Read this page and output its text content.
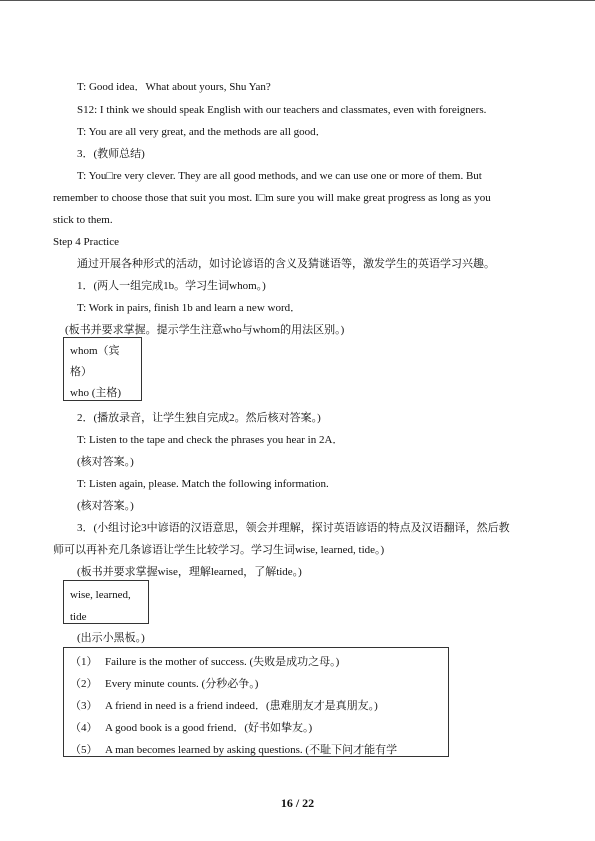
T: Good idea．What about yours, Shu Yan?
S12: I think we should speak English with our teachers and classmates, even with foreigners.
T: You are all very great, and the methods are all good．
3．(教师总结)
T: You□re very clever. They are all good methods, and we can use one or more of them. But
remember to choose those that suit you most. I□m sure you will make great progress as long as you
stick to them.
Step 4 Practice
通过开展各种形式的活动，如讨论谚语的含义及猜谜语等，激发学生的英语学习兴趣。
1．(两人一组完成1b。学习生词whom。)
T: Work in pairs, finish 1b and learn a new word．
(板书并要求掌握。提示学生注意who与whom的用法区别。)
whom（宾
格）
who (主格)
2．(播放录音，让学生独自完成2。然后核对答案。)
T: Listen to the tape and check the phrases you hear in 2A．
(核对答案。)
T: Listen again, please. Match the following information.
(核对答案。)
3．(小组讨论3中谚语的汉语意思，领会并理解，探讨英语谚语的特点及汉语翻译，然后教
师可以再补充几条谚语让学生比较学习。学习生词wise, learned, tide。)
(板书并要求掌握wise，理解learned，了解tide。)
wise, learned,
tide
(出示小黑板。)
（1） Failure is the mother of success. (失败是成功之母。)
（2） Every minute counts. (分秒必争。)
（3） A friend in need is a friend indeed．(患难朋友才是真朋友。)
（4） A good book is a good friend．(好书如挚友。)
（5） A man becomes learned by asking questions. (不耻下问才能有学
16 / 22
